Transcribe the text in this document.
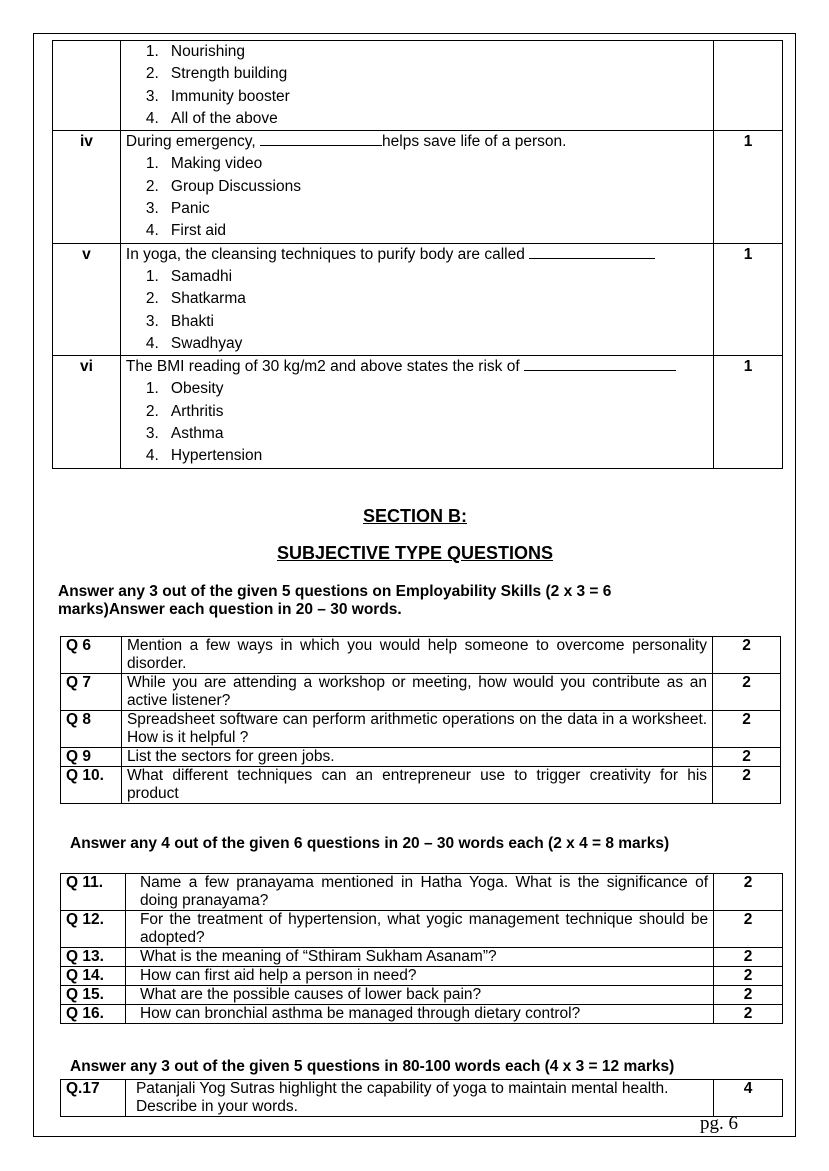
	1. Nourishing
2. Strength building
3. Immunity booster
4. All of the above	

iv	During emergency, helps save life of a person.
1. Making video
2. Group Discussions
3. Panic
4. First aid	1
v	In yoga, the cleansing techniques to purify body are called
1. Samadhi
2. Shatkarma
3. Bhakti
4. Swadhyay	1
vi	The BMI reading of 30 kg/m2 and above states the risk of
1. Obesity
2. Arthritis
3. Asthma
4. Hypertension	1
SECTION B:
SUBJECTIVE TYPE QUESTIONS
Answer any 3 out of the given 5 questions on Employability Skills (2 x 3 = 6 marks)Answer each question in 20 – 30 words.
Q 6	Mention a few ways in which you would help someone to overcome personality disorder.	2
Q 7	While you are attending a workshop or meeting, how would you contribute as an active listener?	2
Q 8	Spreadsheet software can perform arithmetic operations on the data in a worksheet. How is it helpful ?	2
Q 9	List the sectors for green jobs.	2
Q 10.	What different techniques can an entrepreneur use to trigger creativity for his product	2
Answer any 4 out of the given 6 questions in 20 – 30 words each (2 x 4 = 8 marks)
Q 11.	Name a few pranayama mentioned in Hatha Yoga. What is the significance of doing pranayama?	2
Q 12.	For the treatment of hypertension, what yogic management technique should be adopted?	2
Q 13.	What is the meaning of “Sthiram Sukham Asanam”?	2
Q 14.	How can first aid help a person in need?	2
Q 15.	What are the possible causes of lower back pain?	2
Q 16.	How can bronchial asthma be managed through dietary control?	2
Answer any 3 out of the given 5 questions in 80-100 words each (4 x 3 = 12 marks)
Q.17	Patanjali Yog Sutras highlight the capability of yoga to maintain mental health. Describe in your words.	4
pg. 6
